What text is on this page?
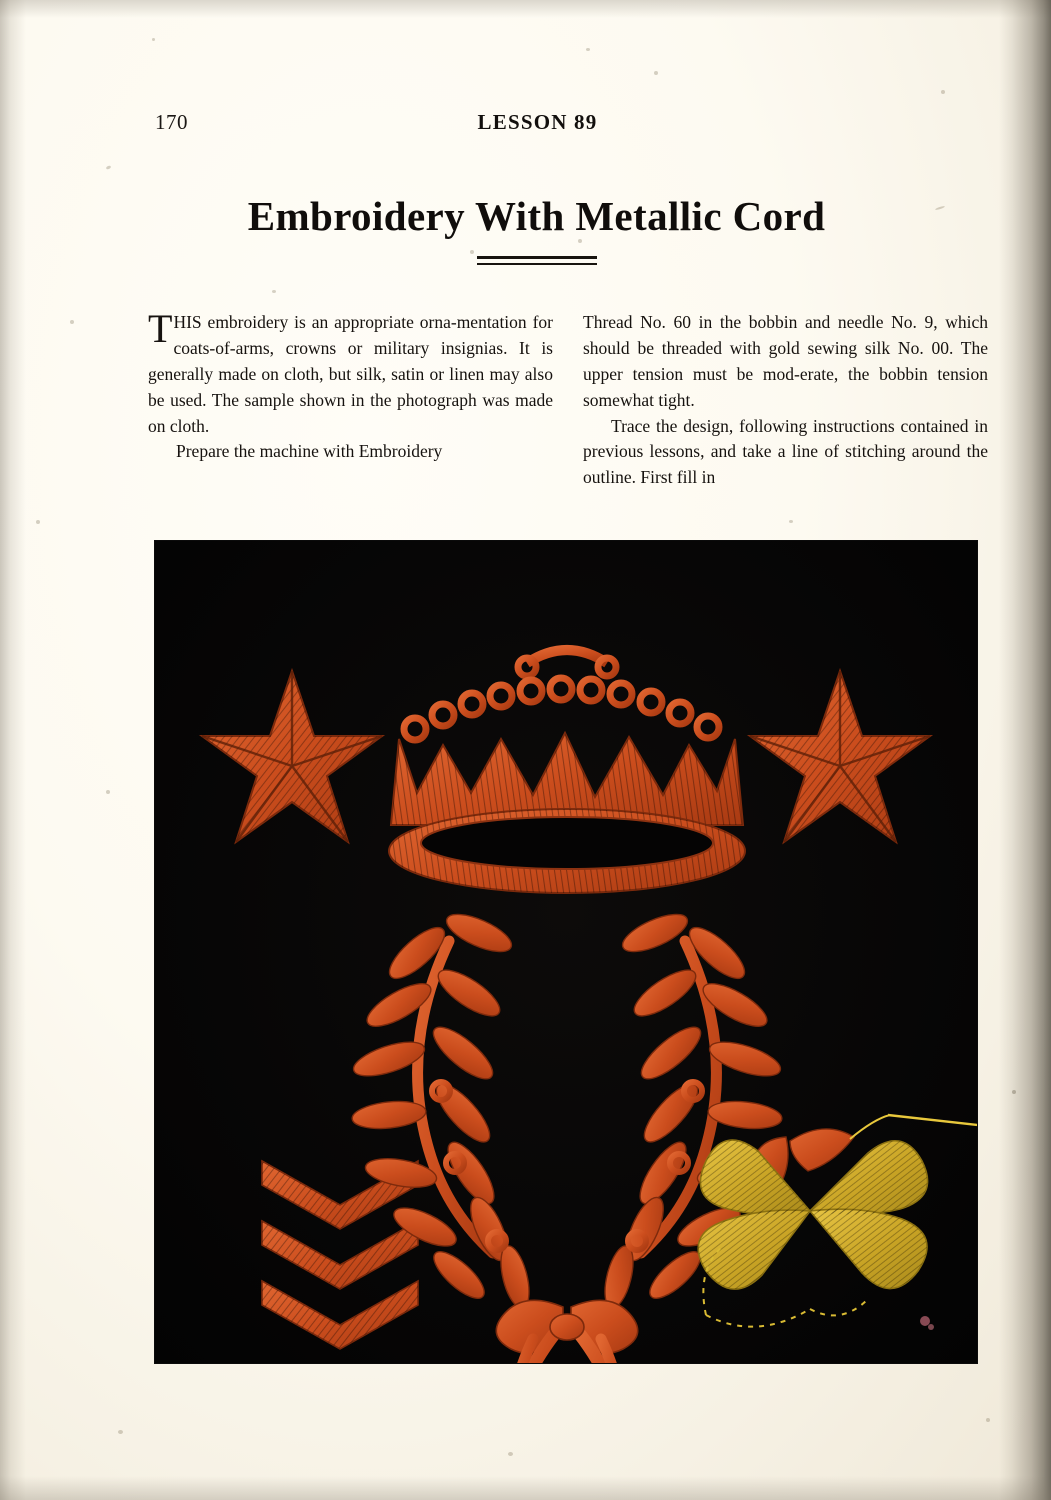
170	LESSON 89
Embroidery With Metallic Cord

THIS embroidery is an appropriate orna-mentation for coats-of-arms, crowns or military insignias. It is generally made on cloth, but silk, satin or linen may also be used. The sample shown in the photograph was made on cloth.

Prepare the machine with Embroidery

Thread No. 60 in the bobbin and needle No. 9, which should be threaded with gold sewing silk No. 00. The upper tension must be mod-erate, the bobbin tension somewhat tight.

Trace the design, following instructions contained in previous lessons, and take a line of stitching around the outline. First fill in
